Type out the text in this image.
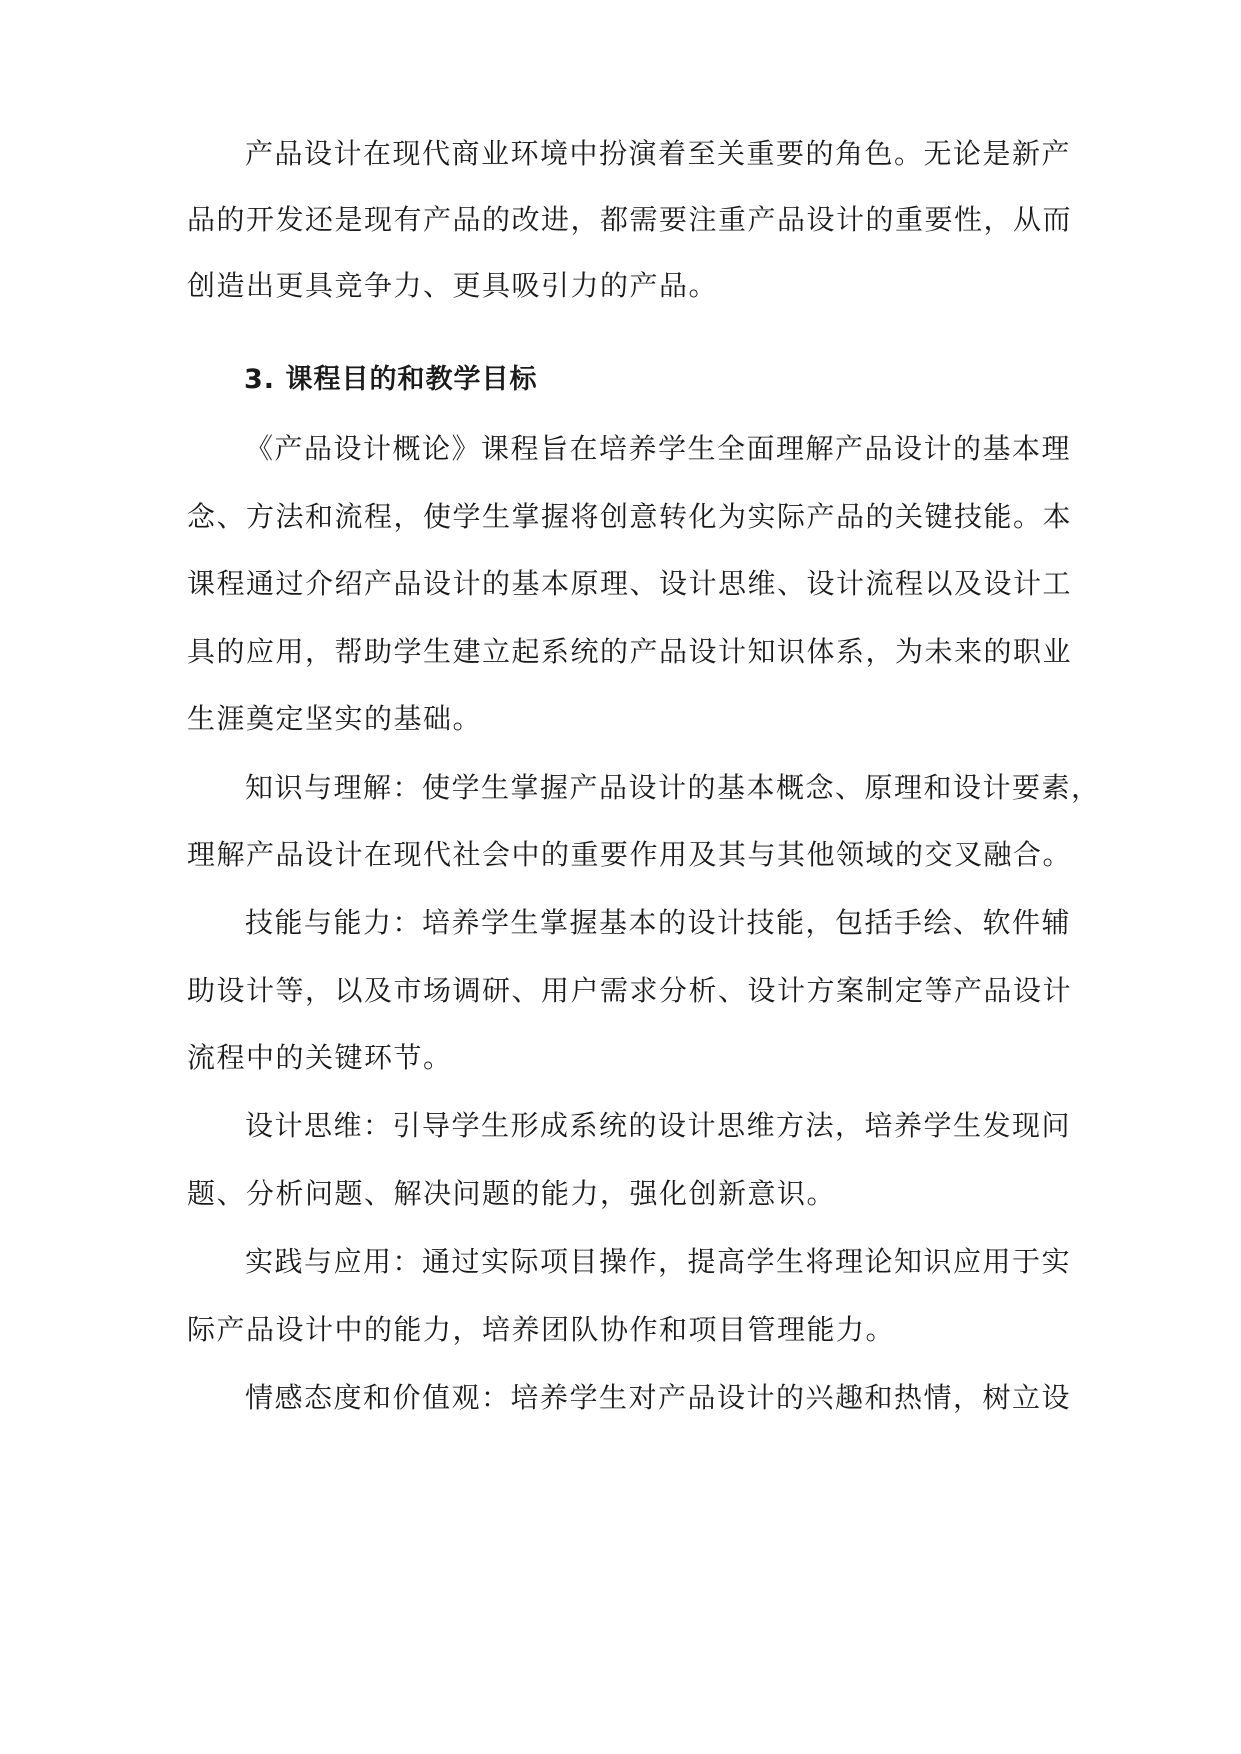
产品设计在现代商业环境中扮演着至关重要的角色。无论是新产
品的开发还是现有产品的改进，都需要注重产品设计的重要性，从而
创造出更具竞争力、更具吸引力的产品。
3. 课程目的和教学目标
《产品设计概论》课程旨在培养学生全面理解产品设计的基本理
念、方法和流程，使学生掌握将创意转化为实际产品的关键技能。本
课程通过介绍产品设计的基本原理、设计思维、设计流程以及设计工
具的应用，帮助学生建立起系统的产品设计知识体系，为未来的职业
生涯奠定坚实的基础。
知识与理解：使学生掌握产品设计的基本概念、原理和设计要素，
理解产品设计在现代社会中的重要作用及其与其他领域的交叉融合。
技能与能力：培养学生掌握基本的设计技能，包括手绘、软件辅
助设计等，以及市场调研、用户需求分析、设计方案制定等产品设计
流程中的关键环节。
设计思维：引导学生形成系统的设计思维方法，培养学生发现问
题、分析问题、解决问题的能力，强化创新意识。
实践与应用：通过实际项目操作，提高学生将理论知识应用于实
际产品设计中的能力，培养团队协作和项目管理能力。
情感态度和价值观：培养学生对产品设计的兴趣和热情，树立设
